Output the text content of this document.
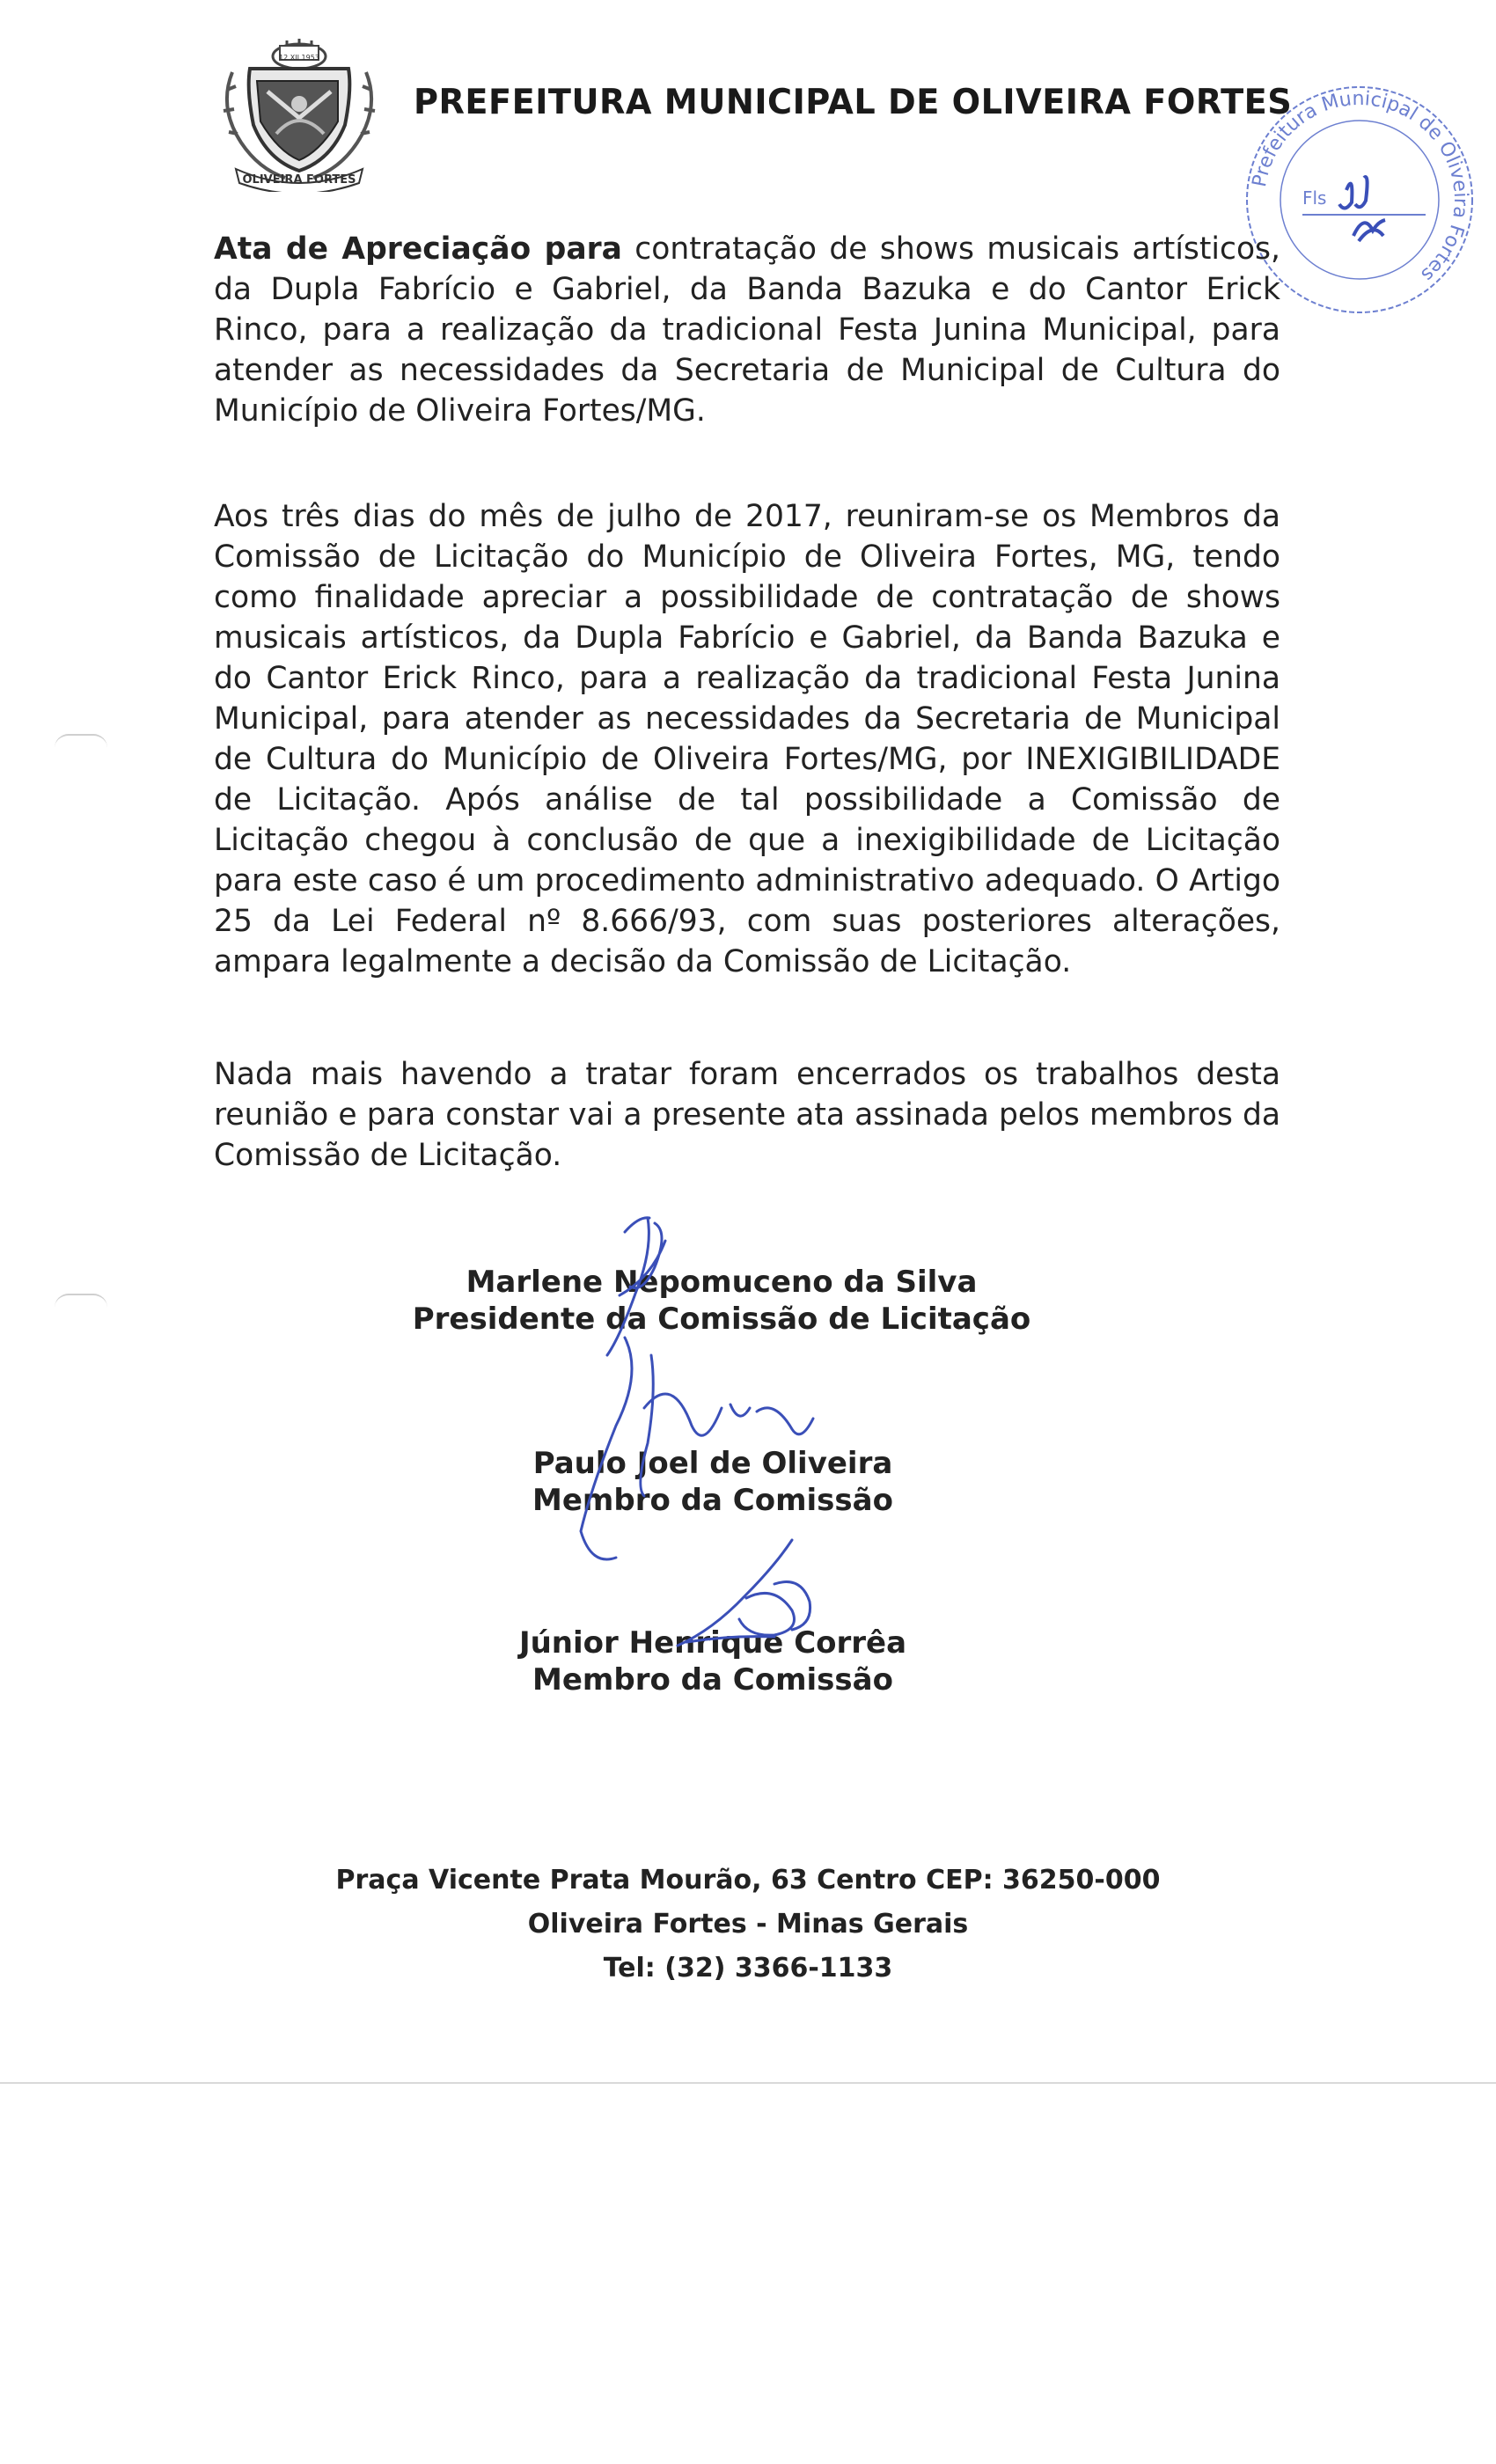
OLIVEIRA FORTES
12 XII 1953
PREFEITURA MUNICIPAL DE OLIVEIRA FORTES
Prefeitura Municipal de Oliveira Fortes
Fls
Ata de Apreciação para contratação de shows musicais artísticos, da Dupla Fabrício e Gabriel, da Banda Bazuka e do Cantor Erick Rinco, para a realização da tradicional Festa Junina Municipal, para atender as necessidades da Secretaria de Municipal de Cultura do Município de Oliveira Fortes/MG.
Aos três dias do mês de julho de 2017, reuniram-se os Membros da Comissão de Licitação do Município de Oliveira Fortes, MG, tendo como finalidade apreciar a possibilidade de contratação de shows musicais artísticos, da Dupla Fabrício e Gabriel, da Banda Bazuka e do Cantor Erick Rinco, para a realização da tradicional Festa Junina Municipal, para atender as necessidades da Secretaria de Municipal de Cultura do Município de Oliveira Fortes/MG, por INEXIGIBILIDADE de Licitação. Após análise de tal possibilidade a Comissão de Licitação chegou à conclusão de que a inexigibilidade de Licitação para este caso é um procedimento administrativo adequado. O Artigo 25 da Lei Federal nº 8.666/93, com suas posteriores alterações, ampara legalmente a decisão da Comissão de Licitação.
Nada mais havendo a tratar foram encerrados os trabalhos desta reunião e para constar vai a presente ata assinada pelos membros da Comissão de Licitação.
Marlene Nepomuceno da Silva
Presidente da Comissão de Licitação
Paulo Joel de Oliveira
Membro da Comissão
Júnior Henrique Corrêa
Membro da Comissão
Praça Vicente Prata Mourão, 63 Centro CEP: 36250-000
Oliveira Fortes - Minas Gerais
Tel: (32) 3366-1133
